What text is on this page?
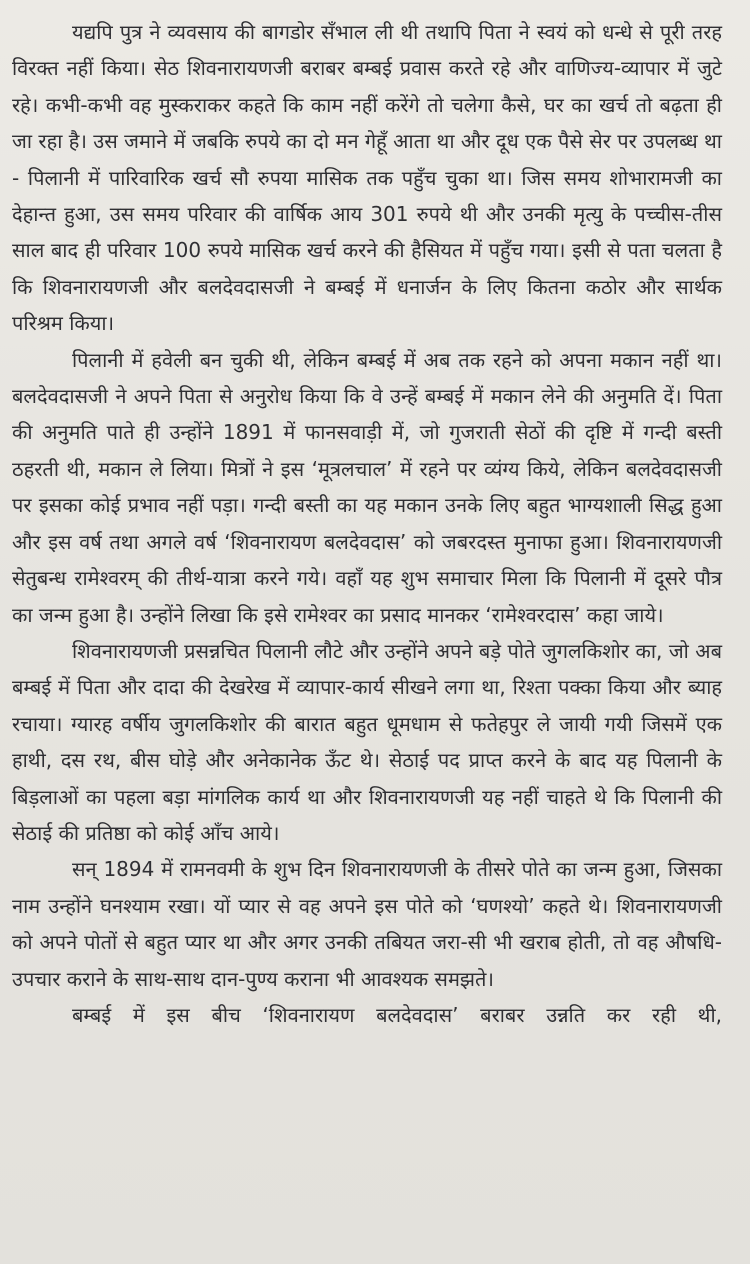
यद्यपि पुत्र ने व्यवसाय की बागडोर सँभाल ली थी तथापि पिता ने स्वयं को धन्धे से पूरी तरह विरक्त नहीं किया। सेठ शिवनारायणजी बराबर बम्बई प्रवास करते रहे और वाणिज्य-व्यापार में जुटे रहे। कभी-कभी वह मुस्कराकर कहते कि काम नहीं करेंगे तो चलेगा कैसे, घर का खर्च तो बढ़ता ही जा रहा है। उस जमाने में जबकि रुपये का दो मन गेहूँ आता था और दूध एक पैसे सेर पर उपलब्ध था - पिलानी में पारिवारिक खर्च सौ रुपया मासिक तक पहुँच चुका था। जिस समय शोभारामजी का देहान्त हुआ, उस समय परिवार की वार्षिक आय 301 रुपये थी और उनकी मृत्यु के पच्चीस-तीस साल बाद ही परिवार 100 रुपये मासिक खर्च करने की हैसियत में पहुँच गया। इसी से पता चलता है कि शिवनारायणजी और बलदेवदासजी ने बम्बई में धनार्जन के लिए कितना कठोर और सार्थक परिश्रम किया।

पिलानी में हवेली बन चुकी थी, लेकिन बम्बई में अब तक रहने को अपना मकान नहीं था। बलदेवदासजी ने अपने पिता से अनुरोध किया कि वे उन्हें बम्बई में मकान लेने की अनुमति दें। पिता की अनुमति पाते ही उन्होंने 1891 में फानसवाड़ी में, जो गुजराती सेठों की दृष्टि में गन्दी बस्ती ठहरती थी, मकान ले लिया। मित्रों ने इस ‘मूत्रलचाल’ में रहने पर व्यंग्य किये, लेकिन बलदेवदासजी पर इसका कोई प्रभाव नहीं पड़ा। गन्दी बस्ती का यह मकान उनके लिए बहुत भाग्यशाली सिद्ध हुआ और इस वर्ष तथा अगले वर्ष ‘शिवनारायण बलदेवदास’ को जबरदस्त मुनाफा हुआ। शिवनारायणजी सेतुबन्ध रामेश्वरम् की तीर्थ-यात्रा करने गये। वहाँ यह शुभ समाचार मिला कि पिलानी में दूसरे पौत्र का जन्म हुआ है। उन्होंने लिखा कि इसे रामेश्वर का प्रसाद मानकर ‘रामेश्वरदास’ कहा जाये।

शिवनारायणजी प्रसन्नचित पिलानी लौटे और उन्होंने अपने बड़े पोते जुगलकिशोर का, जो अब बम्बई में पिता और दादा की देखरेख में व्यापार-कार्य सीखने लगा था, रिश्ता पक्का किया और ब्याह रचाया। ग्यारह वर्षीय जुगलकिशोर की बारात बहुत धूमधाम से फतेहपुर ले जायी गयी जिसमें एक हाथी, दस रथ, बीस घोड़े और अनेकानेक ऊँट थे। सेठाई पद प्राप्त करने के बाद यह पिलानी के बिड़लाओं का पहला बड़ा मांगलिक कार्य था और शिवनारायणजी यह नहीं चाहते थे कि पिलानी की सेठाई की प्रतिष्ठा को कोई आँच आये।

सन् 1894 में रामनवमी के शुभ दिन शिवनारायणजी के तीसरे पोते का जन्म हुआ, जिसका नाम उन्होंने घनश्याम रखा। यों प्यार से वह अपने इस पोते को ‘घणश्यो’ कहते थे। शिवनारायणजी को अपने पोतों से बहुत प्यार था और अगर उनकी तबियत जरा-सी भी खराब होती, तो वह औषधि-उपचार कराने के साथ-साथ दान-पुण्य कराना भी आवश्यक समझते।

बम्बई में इस बीच ‘शिवनारायण बलदेवदास’ बराबर उन्नति कर रही थी,
